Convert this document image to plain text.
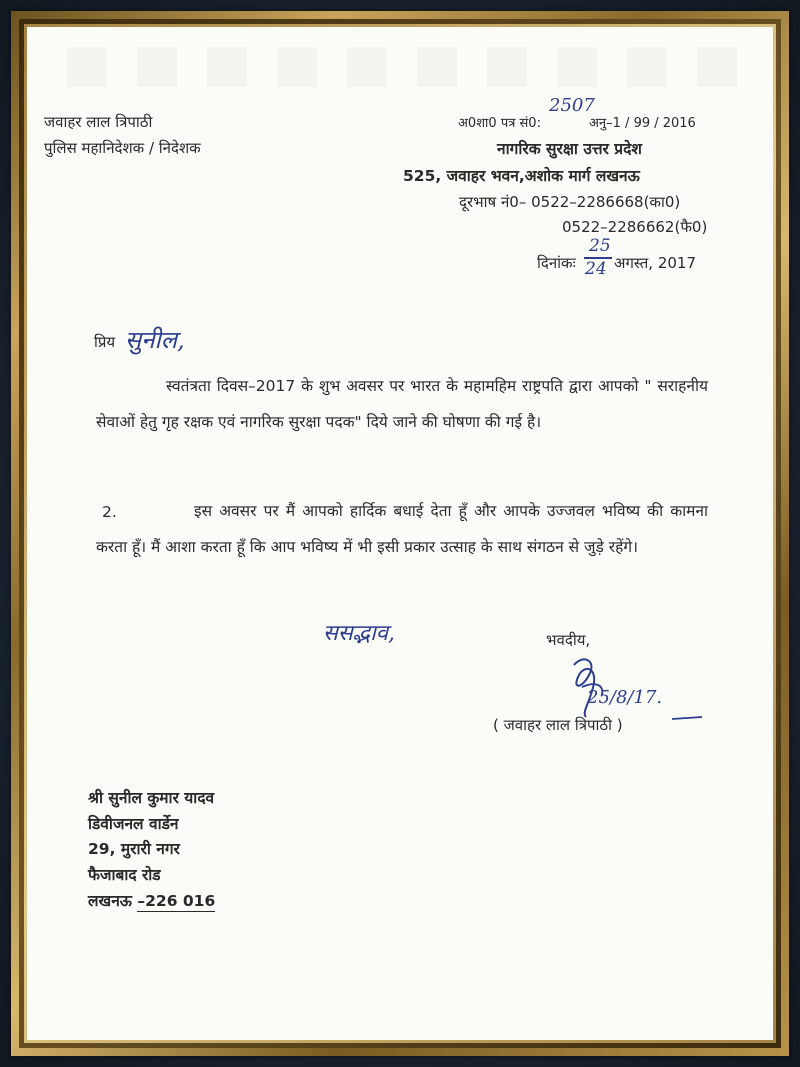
जवाहर लाल त्रिपाठी
पुलिस महानिदेशक / निदेशक
अ0शा0 पत्र सं0:
2507
अनु–1 / 99 / 2016
नागरिक सुरक्षा उत्तर प्रदेश
525, जवाहर भवन,अशोक मार्ग लखनऊ
दूरभाष नं0– 0522–2286668(का0)
0522–2286662(फै0)
दिनांकः
25
24 अगस्त, 2017
प्रिय सुनील,
स्वतंत्रता दिवस–2017 के शुभ अवसर पर भारत के महामहिम राष्ट्रपति द्वारा आपको " सराहनीय सेवाओं हेतु गृह रक्षक एवं नागरिक सुरक्षा पदक" दिये जाने की घोषणा की गई है।
2.	इस अवसर पर मैं आपको हार्दिक बधाई देता हूँ और आपके उज्जवल भविष्य की कामना करता हूँ। मैं आशा करता हूँ कि आप भविष्य में भी इसी प्रकार उत्साह के साथ संगठन से जुड़े रहेंगे।
ससद्भाव,	भवदीय,
25/8/17.
( जवाहर लाल त्रिपाठी )
श्री सुनील कुमार यादव
डिवीजनल वार्डेन
29, मुरारी नगर
फैजाबाद रोड
लखनऊ –226 016
